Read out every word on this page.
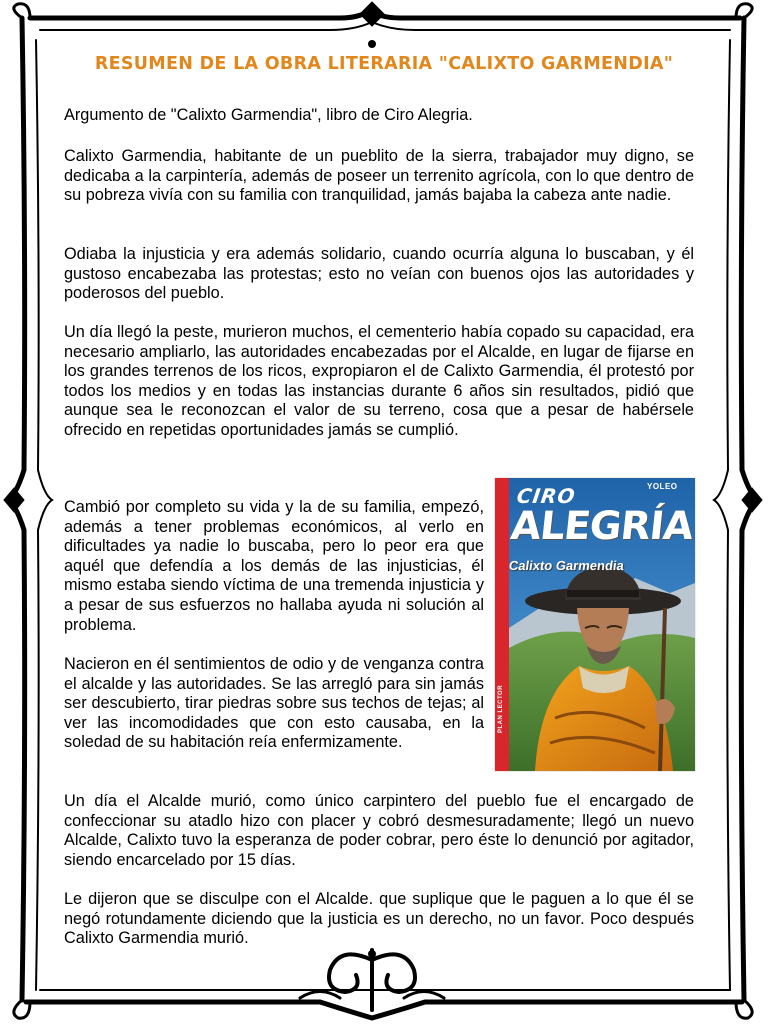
RESUMEN DE LA OBRA LITERARIA "CALIXTO GARMENDIA"

Argumento de "Calixto Garmendia", libro de Ciro Alegria.

Calixto Garmendia, habitante de un pueblito de la sierra, trabajador muy digno, se dedicaba a la carpintería, además de poseer un terrenito agrícola, con lo que dentro de su pobreza vivía con su familia con tranquilidad, jamás bajaba la cabeza ante nadie.

Odiaba la injusticia y era además solidario, cuando ocurría alguna lo buscaban, y él gustoso encabezaba las protestas; esto no veían con buenos ojos las autoridades y poderosos del pueblo.

Un día llegó la peste, murieron muchos, el cementerio había copado su capacidad, era necesario ampliarlo, las autoridades encabezadas por el Alcalde, en lugar de fijarse en los grandes terrenos de los ricos, expropiaron el de Calixto Garmendia, él protestó por todos los medios y en todas las instancias durante 6 años sin resultados, pidió que aunque sea le reconozcan el valor de su terreno, cosa que a pesar de habérsele ofrecido en repetidas oportunidades jamás se cumplió.

Cambió por completo su vida y la de su familia, empezó, además a tener problemas económicos, al verlo en dificultades ya nadie lo buscaba, pero lo peor era que aquél que defendía a los demás de las injusticias, él mismo estaba siendo víctima de una tremenda injusticia y a pesar de sus esfuerzos no hallaba ayuda ni solución al problema.

Nacieron en él sentimientos de odio y de venganza contra el alcalde y las autoridades. Se las arregló para sin jamás ser descubierto, tirar piedras sobre sus techos de tejas; al ver las incomodidades que con esto causaba, en la soledad de su habitación reía enfermizamente.

Un día el Alcalde murió, como único carpintero del pueblo fue el encargado de confeccionar su atadlo hizo con placer y cobró desmesuradamente; llegó un nuevo Alcalde, Calixto tuvo la esperanza de poder cobrar, pero éste lo denunció por agitador, siendo encarcelado por 15 días.

Le dijeron que se disculpe con el Alcalde. que suplique que le paguen a lo que él se negó rotundamente diciendo que la justicia es un derecho, no un favor. Poco después Calixto Garmendia murió.

CIRO

ALEGRÍA

Calixto Garmendia

YOLEO

PLAN LECTOR
